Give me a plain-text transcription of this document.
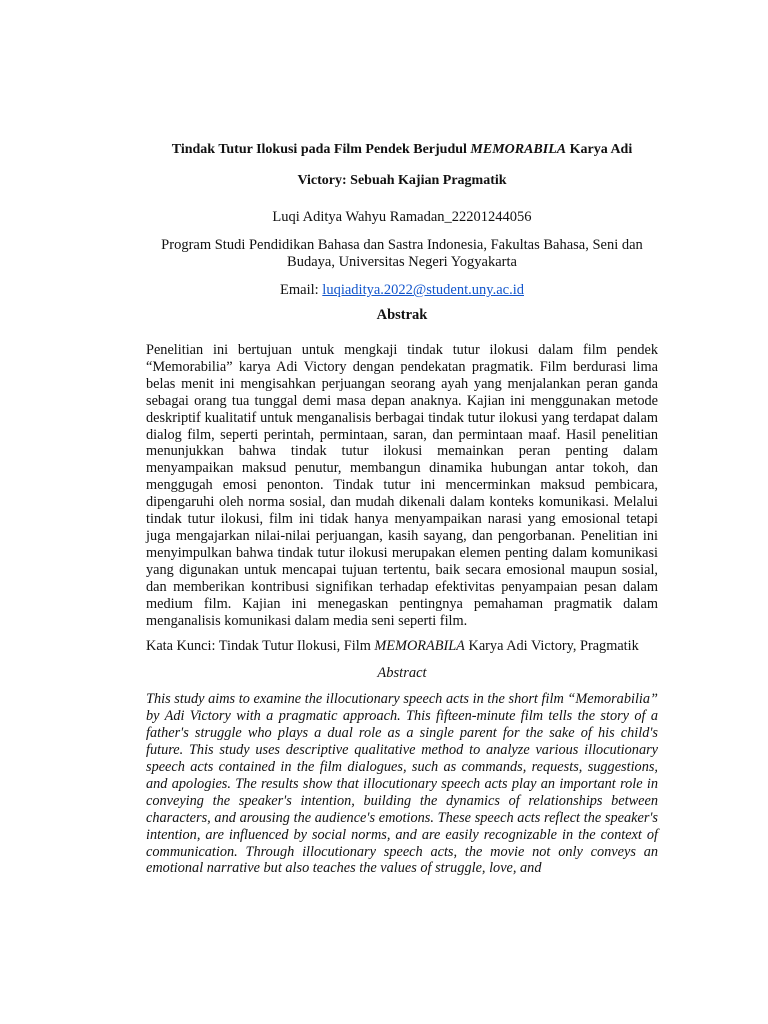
Tindak Tutur Ilokusi pada Film Pendek Berjudul MEMORABILA Karya Adi Victory: Sebuah Kajian Pragmatik

Luqi Aditya Wahyu Ramadan_22201244056

Program Studi Pendidikan Bahasa dan Sastra Indonesia, Fakultas Bahasa, Seni dan Budaya, Universitas Negeri Yogyakarta

Email: luqiaditya.2022@student.uny.ac.id

Abstrak

Penelitian ini bertujuan untuk mengkaji tindak tutur ilokusi dalam film pendek “Memorabilia” karya Adi Victory dengan pendekatan pragmatik. Film berdurasi lima belas menit ini mengisahkan perjuangan seorang ayah yang menjalankan peran ganda sebagai orang tua tunggal demi masa depan anaknya. Kajian ini menggunakan metode deskriptif kualitatif untuk menganalisis berbagai tindak tutur ilokusi yang terdapat dalam dialog film, seperti perintah, permintaan, saran, dan permintaan maaf. Hasil penelitian menunjukkan bahwa tindak tutur ilokusi memainkan peran penting dalam menyampaikan maksud penutur, membangun dinamika hubungan antar tokoh, dan menggugah emosi penonton. Tindak tutur ini mencerminkan maksud pembicara, dipengaruhi oleh norma sosial, dan mudah dikenali dalam konteks komunikasi. Melalui tindak tutur ilokusi, film ini tidak hanya menyampaikan narasi yang emosional tetapi juga mengajarkan nilai-nilai perjuangan, kasih sayang, dan pengorbanan. Penelitian ini menyimpulkan bahwa tindak tutur ilokusi merupakan elemen penting dalam komunikasi yang digunakan untuk mencapai tujuan tertentu, baik secara emosional maupun sosial, dan memberikan kontribusi signifikan terhadap efektivitas penyampaian pesan dalam medium film. Kajian ini menegaskan pentingnya pemahaman pragmatik dalam menganalisis komunikasi dalam media seni seperti film.

Kata Kunci: Tindak Tutur Ilokusi, Film MEMORABILA Karya Adi Victory, Pragmatik

Abstract

This study aims to examine the illocutionary speech acts in the short film “Memorabilia” by Adi Victory with a pragmatic approach. This fifteen-minute film tells the story of a father's struggle who plays a dual role as a single parent for the sake of his child's future. This study uses descriptive qualitative method to analyze various illocutionary speech acts contained in the film dialogues, such as commands, requests, suggestions, and apologies. The results show that illocutionary speech acts play an important role in conveying the speaker's intention, building the dynamics of relationships between characters, and arousing the audience's emotions. These speech acts reflect the speaker's intention, are influenced by social norms, and are easily recognizable in the context of communication. Through illocutionary speech acts, the movie not only conveys an emotional narrative but also teaches the values of struggle, love, and
